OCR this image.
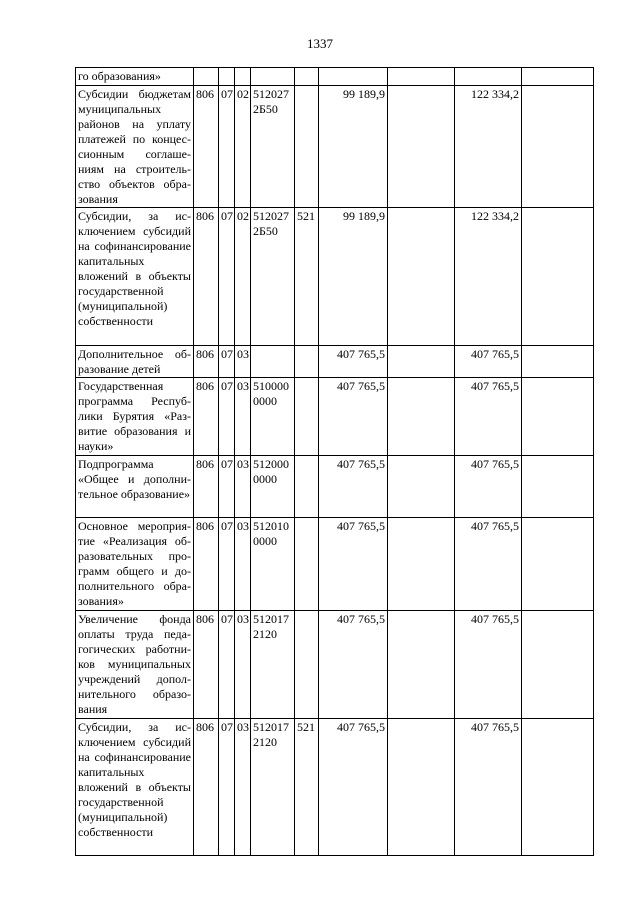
1337
го образования»									
Субсидии бюджетам муниципальных районов на уплату платежей по концессионным соглашениям на строительство объектов образования	806	07	02	512027 2Б50		99 189,9		122 334,2	
Субсидии, за исключением субсидий на софинансирование капитальных вложений в объекты государственной (муниципальной) собственности	806	07	02	512027 2Б50	521	99 189,9		122 334,2	
Дополнительное образование детей	806	07	03			407 765,5		407 765,5	
Государственная программа Республики Бурятия «Развитие образования и науки»	806	07	03	510000 0000		407 765,5		407 765,5	
Подпрограмма «Общее и дополнительное образование»	806	07	03	512000 0000		407 765,5		407 765,5	
Основное мероприятие «Реализация образовательных программ общего и дополнительного образования»	806	07	03	512010 0000		407 765,5		407 765,5	
Увеличение фонда оплаты труда педагогических работников муниципальных учреждений дополнительного образования	806	07	03	512017 2120		407 765,5		407 765,5	
Субсидии, за исключением субсидий на софинансирование капитальных вложений в объекты государственной (муниципальной) собственности	806	07	03	512017 2120	521	407 765,5		407 765,5	
